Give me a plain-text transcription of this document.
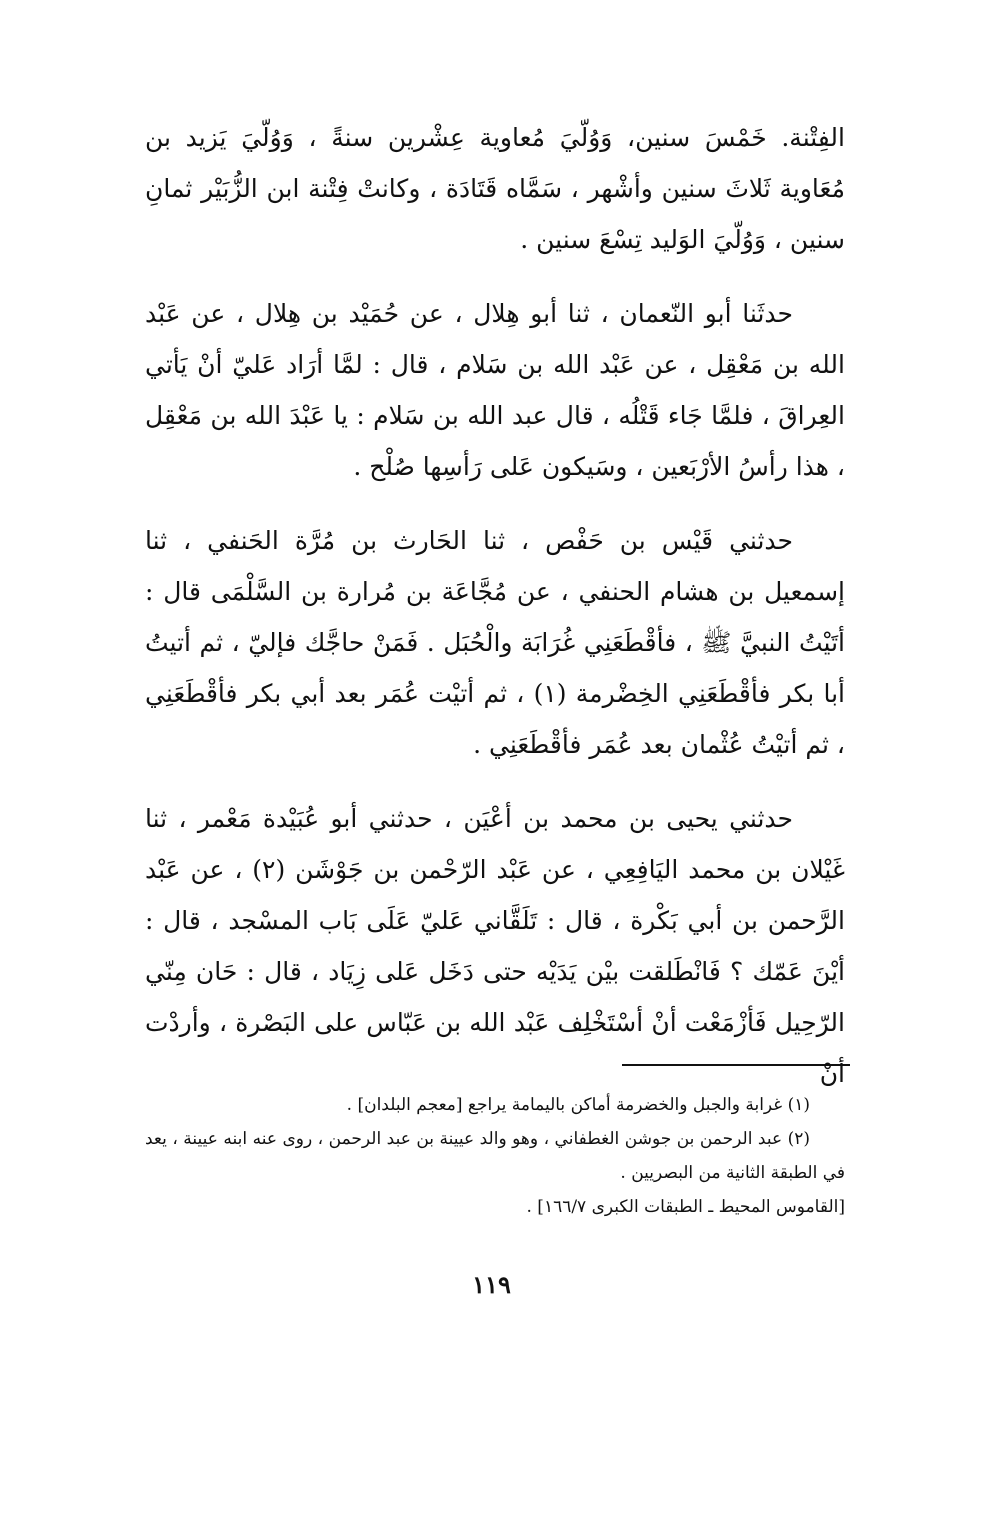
الفِتْنة. خَمْسَ سنين، وَوُلّيَ مُعاوية عِشْرين سنةً ، وَوُلّيَ يَزيد بن مُعَاوية ثَلاثَ سنين وأشْهر ، سَمَّاه قَتَادَة ، وكانتْ فِتْنة ابن الزُّبَيْر ثمانِ سنين ، وَوُلّيَ الوَليد تِسْعَ سنين .

حدثَنا أبو النّعمان ، ثنا أبو هِلال ، عن حُمَيْد بن هِلال ، عن عَبْد الله بن مَعْقِل ، عن عَبْد الله بن سَلام ، قال : لمَّا أرَاد عَليّ أنْ يَأتي العِراقَ ، فلمَّا جَاء قَتْلُه ، قال عبد الله بن سَلام : يا عَبْدَ الله بن مَعْقِل ، هذا رأسُ الأرْبَعين ، وسَيكون عَلى رَأسِها صُلْح .

حدثني قَيْس بن حَفْص ، ثنا الحَارث بن مُرَّة الحَنفي ، ثنا إسمعيل بن هشام الحنفي ، عن مُجَّاعَة بن مُرارة بن السَّلْمَى قال : أتَيْتُ النبيَّ ﷺ ، فأقْطَعَنِي غُرَابَة والْحُبَل . فَمَنْ حاجَّك فإليّ ، ثم أتيتُ أبا بكر فأقْطَعَنِي الخِضْرمة (١) ، ثم أتيْت عُمَر بعد أبي بكر فأقْطَعَنِي ، ثم أتيْتُ عُثْمان بعد عُمَر فأقْطَعَنِي .

حدثني يحيى بن محمد بن أعْيَن ، حدثني أبو عُبَيْدة مَعْمر ، ثنا غَيْلان بن محمد اليَافِعِي ، عن عَبْد الرّحْمن بن جَوْشَن (٢) ، عن عَبْد الرَّحمن بن أبي بَكْرة ، قال : تَلَقَّاني عَليّ عَلَى بَاب المسْجد ، قال : أيْنَ عَمّك ؟ فَانْطَلقت بيْن يَدَيْه حتى دَخَل عَلى زِيَاد ، قال : حَان مِنّي الرّحِيل فَأزْمَعْت أنْ أسْتَخْلِف عَبْد الله بن عَبّاس على البَصْرة ، وأردْت أنْ

(١) غرابة والجبل والخضرمة أماكن باليمامة يراجع [معجم البلدان] .

(٢) عبد الرحمن بن جوشن الغطفاني ، وهو والد عيينة بن عبد الرحمن ، روى عنه ابنه عيينة ، يعد في الطبقة الثانية من البصريين .

[القاموس المحيط ـ الطبقات الكبرى ١٦٦/٧] .

١١٩
